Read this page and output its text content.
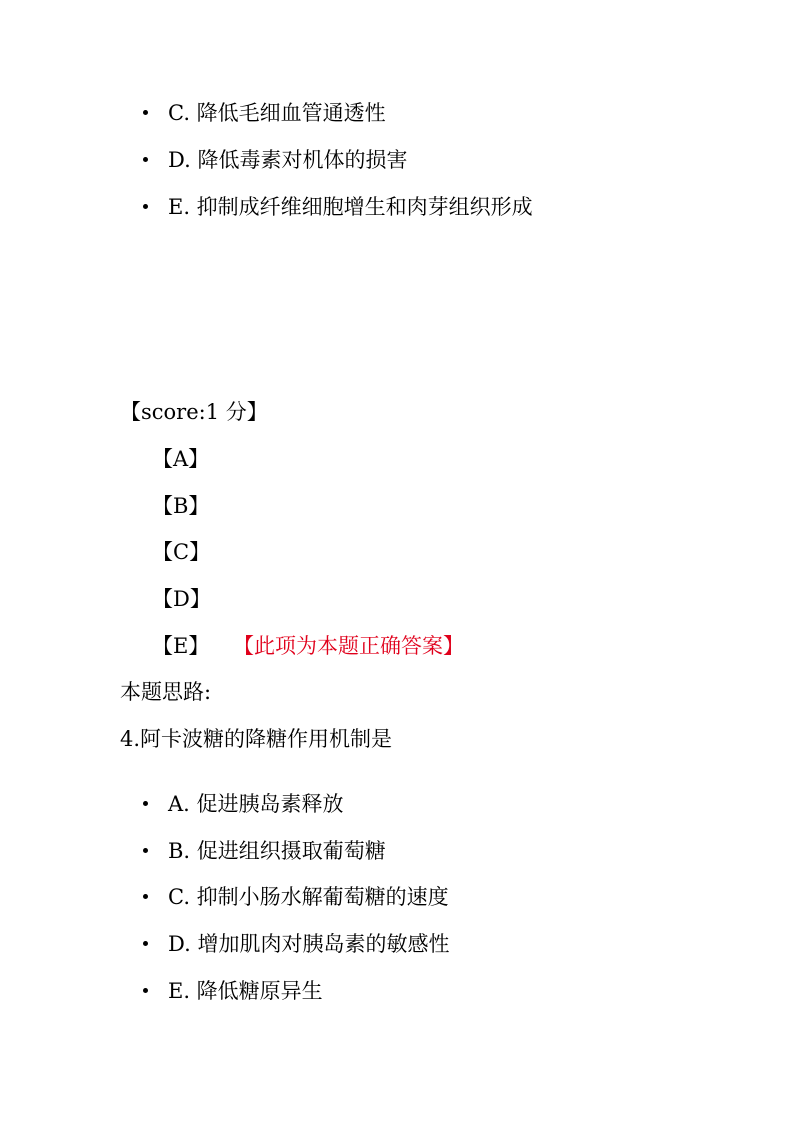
C. 降低毛细血管通透性
D. 降低毒素对机体的损害
E. 抑制成纤维细胞增生和肉芽组织形成
【score:1 分】
【A】
【B】
【C】
【D】
【E】 【此项为本题正确答案】
本题思路:
4.阿卡波糖的降糖作用机制是
A. 促进胰岛素释放
B. 促进组织摄取葡萄糖
C. 抑制小肠水解葡萄糖的速度
D. 增加肌肉对胰岛素的敏感性
E. 降低糖原异生
